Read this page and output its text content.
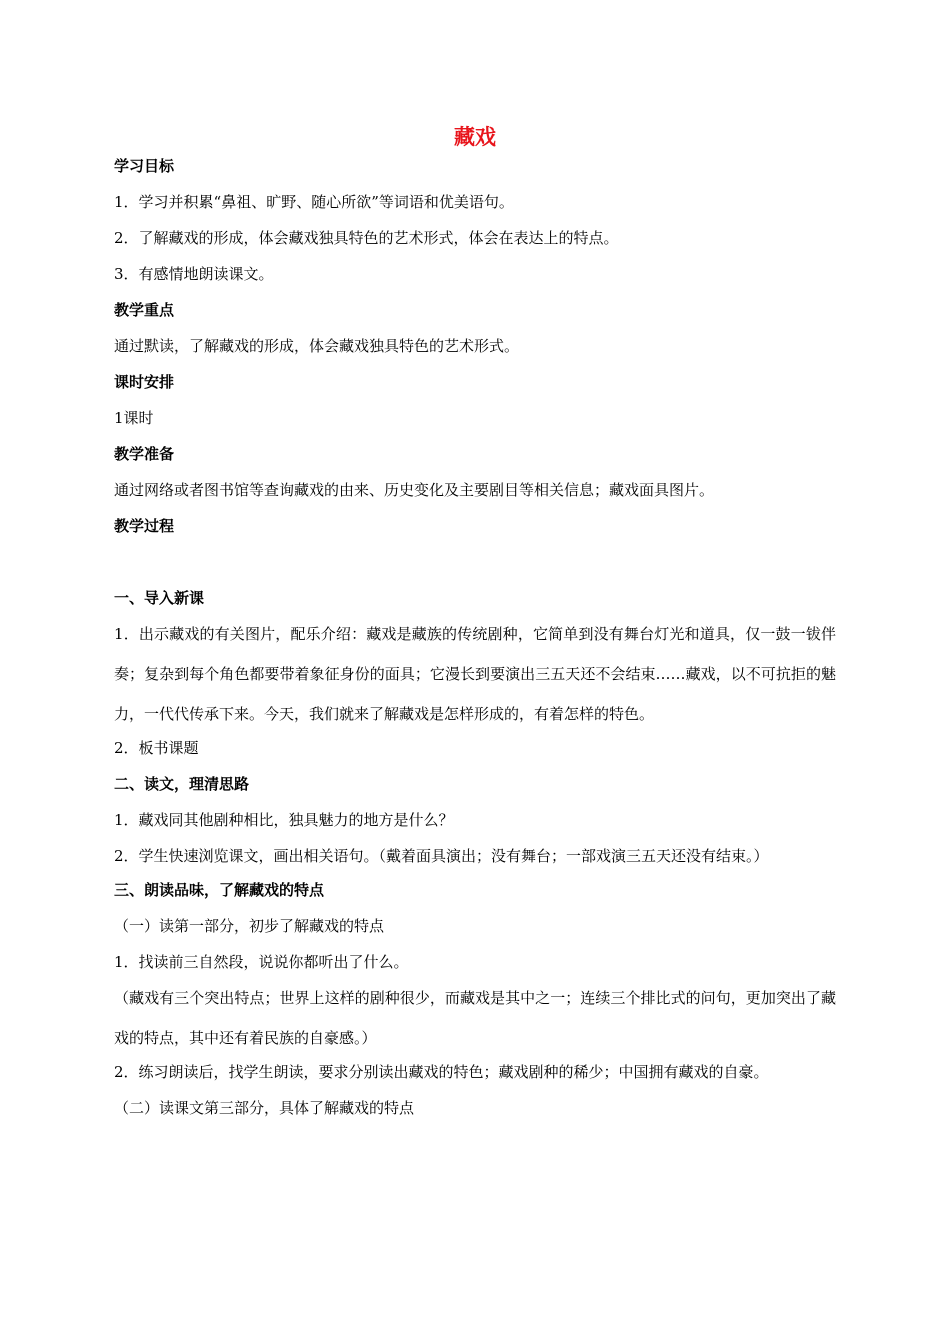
藏戏
学习目标
1．学习并积累“鼻祖、旷野、随心所欲”等词语和优美语句。
2．了解藏戏的形成，体会藏戏独具特色的艺术形式，体会在表达上的特点。
3．有感情地朗读课文。
教学重点
通过默读，了解藏戏的形成，体会藏戏独具特色的艺术形式。
课时安排
1课时
教学准备
通过网络或者图书馆等查询藏戏的由来、历史变化及主要剧目等相关信息；藏戏面具图片。
教学过程
一、导入新课
1．出示藏戏的有关图片，配乐介绍：藏戏是藏族的传统剧种，它简单到没有舞台灯光和道具，仅一鼓一钹伴奏；复杂到每个角色都要带着象征身份的面具；它漫长到要演出三五天还不会结束……藏戏，以不可抗拒的魅力，一代代传承下来。今天，我们就来了解藏戏是怎样形成的，有着怎样的特色。
2．板书课题
二、读文，理清思路
1．藏戏同其他剧种相比，独具魅力的地方是什么？
2．学生快速浏览课文，画出相关语句。（戴着面具演出；没有舞台；一部戏演三五天还没有结束。）
三、朗读品味，了解藏戏的特点
（一）读第一部分，初步了解藏戏的特点
1．找读前三自然段，说说你都听出了什么。
（藏戏有三个突出特点；世界上这样的剧种很少，而藏戏是其中之一；连续三个排比式的问句，更加突出了藏戏的特点，其中还有着民族的自豪感。）
2．练习朗读后，找学生朗读，要求分别读出藏戏的特色；藏戏剧种的稀少；中国拥有藏戏的自豪。
（二）读课文第三部分，具体了解藏戏的特点
